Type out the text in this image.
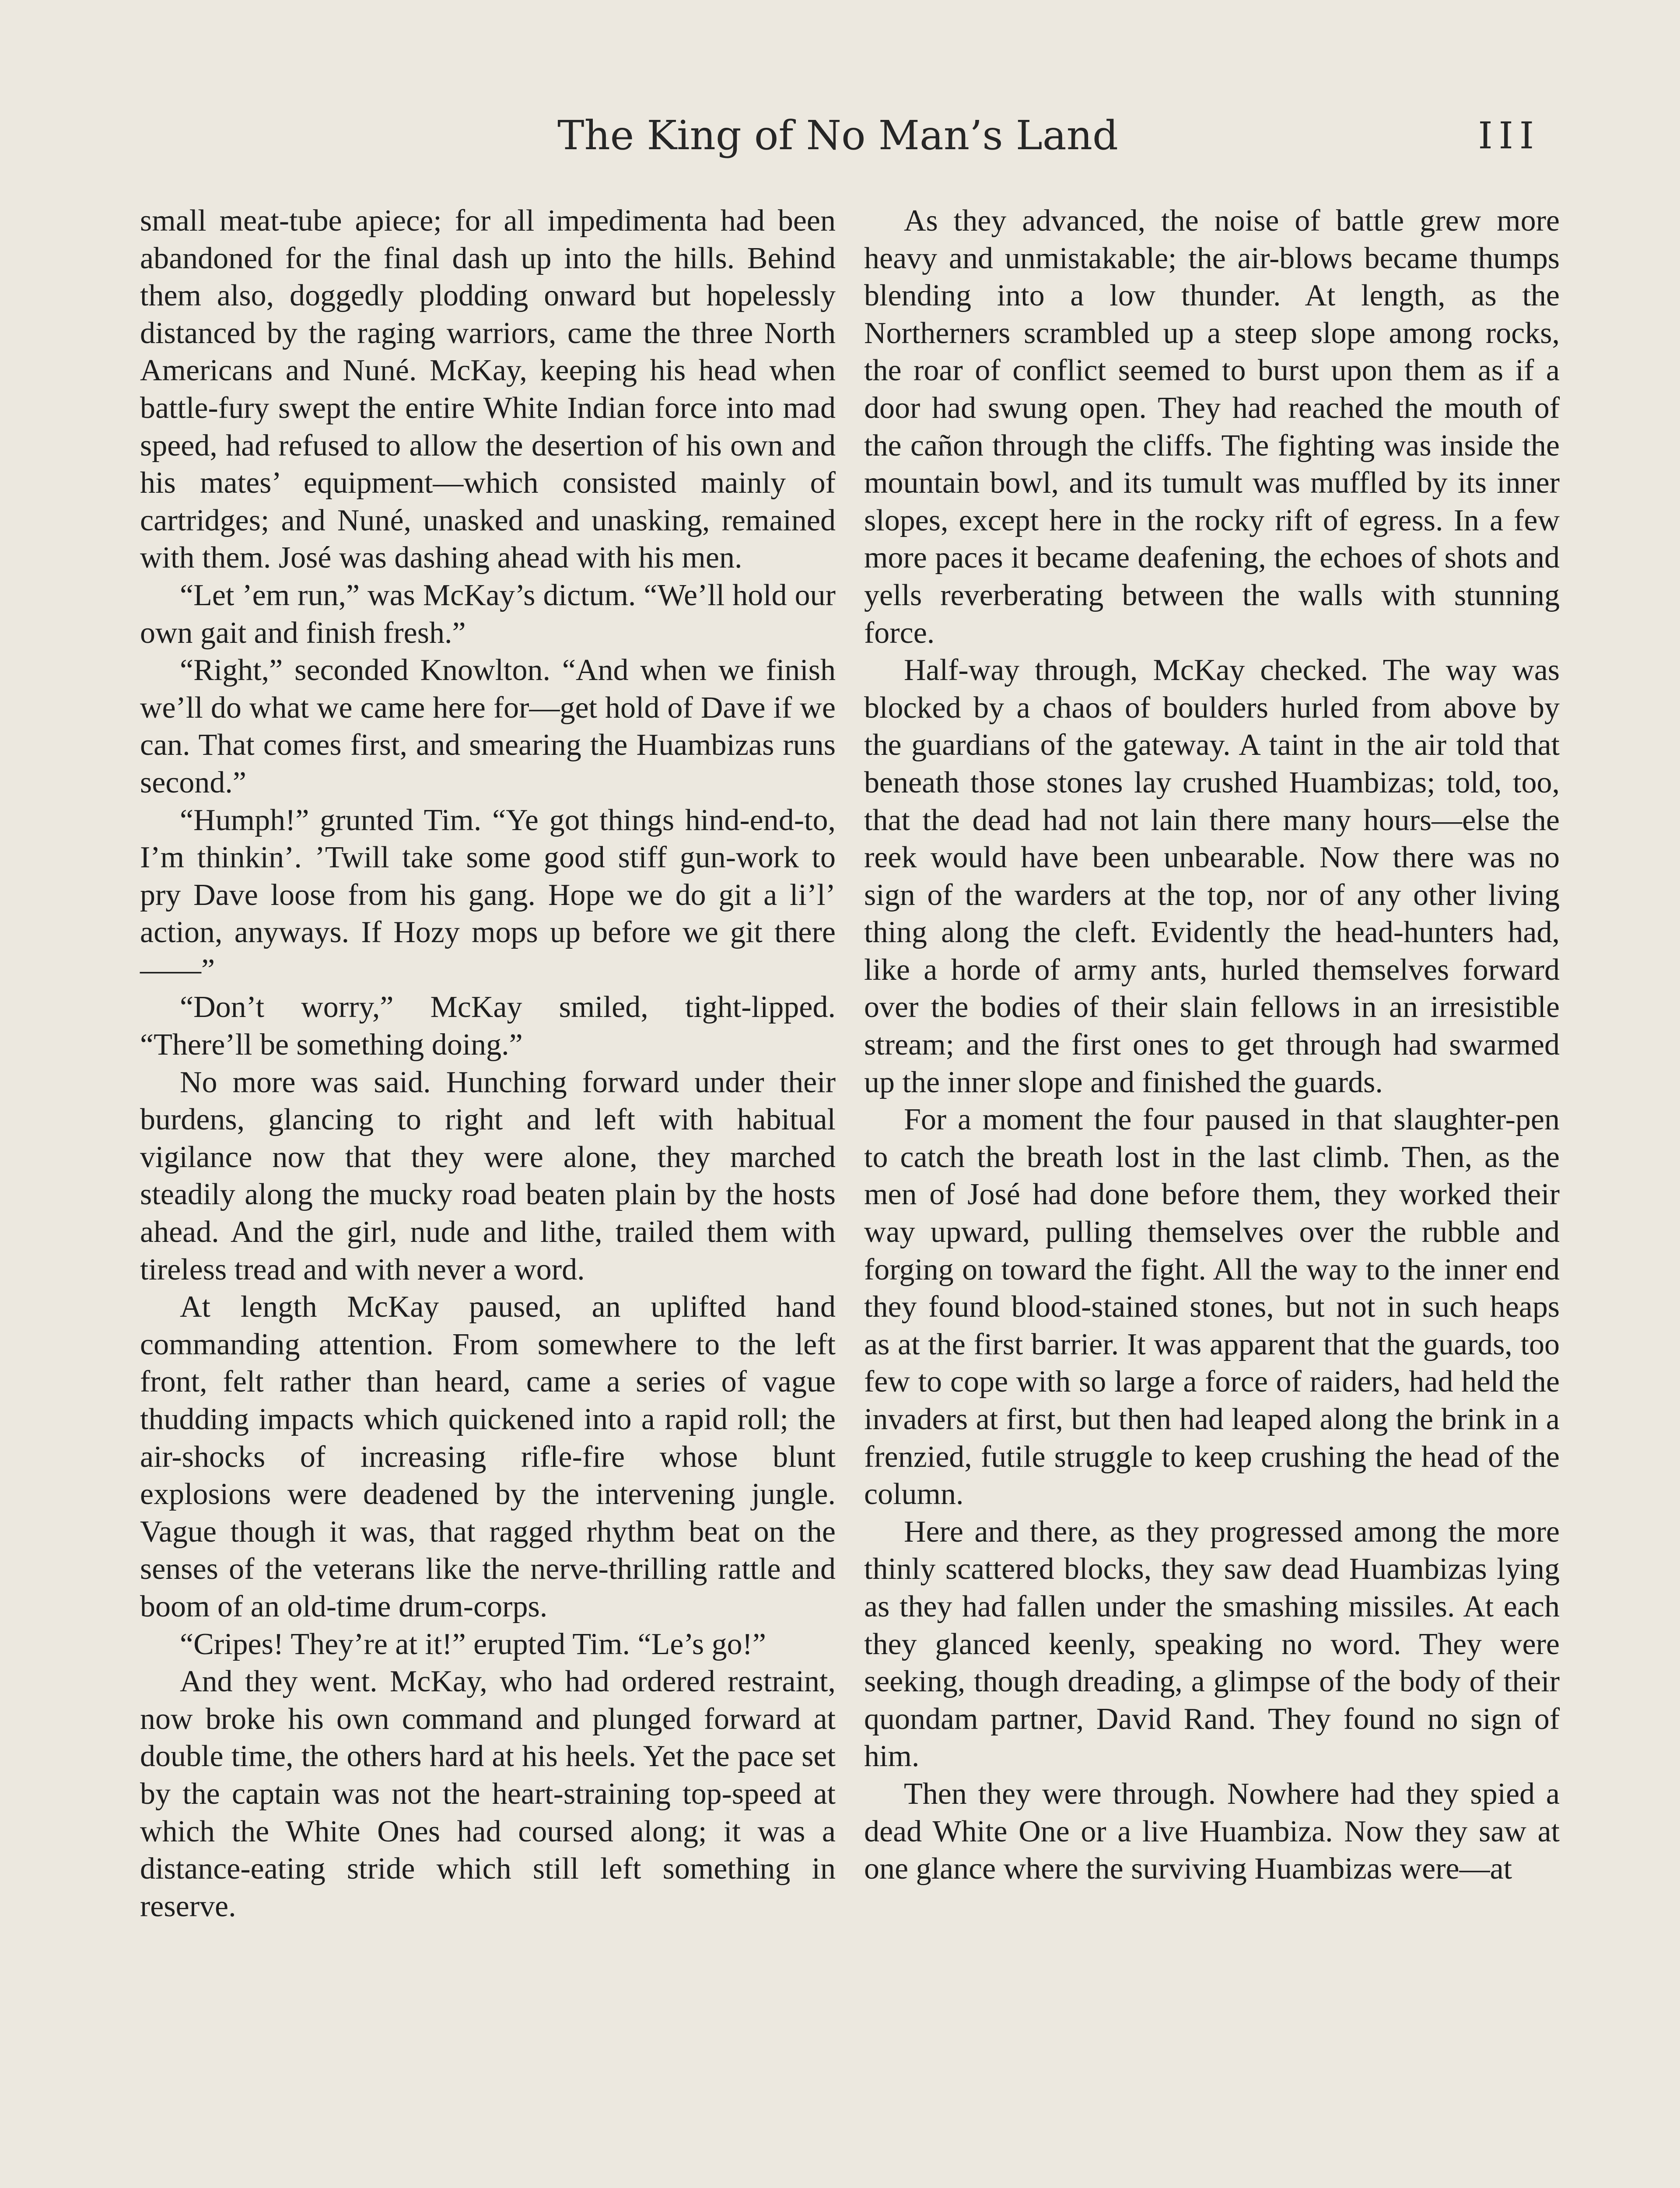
The King of No Man’s Land	III

small meat-tube apiece; for all impedimenta had been abandoned for the final dash up into the hills. Behind them also, doggedly plodding onward but hopelessly distanced by the raging warriors, came the three North Americans and Nuné. McKay, keeping his head when battle-fury swept the entire White Indian force into mad speed, had refused to allow the desertion of his own and his mates’ equipment—which consisted mainly of cartridges; and Nuné, unasked and unasking, remained with them. José was dashing ahead with his men.

“Let ’em run,” was McKay’s dictum. “We’ll hold our own gait and finish fresh.”

“Right,” seconded Knowlton. “And when we finish we’ll do what we came here for—get hold of Dave if we can. That comes first, and smearing the Huambizas runs second.”

“Humph!” grunted Tim. “Ye got things hind-end-to, I’m thinkin’. ’Twill take some good stiff gun-work to pry Dave loose from his gang. Hope we do git a li’l’ action, anyways. If Hozy mops up before we git there——”

“Don’t worry,” McKay smiled, tight-lipped. “There’ll be something doing.”

No more was said. Hunching forward under their burdens, glancing to right and left with habitual vigilance now that they were alone, they marched steadily along the mucky road beaten plain by the hosts ahead. And the girl, nude and lithe, trailed them with tireless tread and with never a word.

At length McKay paused, an uplifted hand commanding attention. From somewhere to the left front, felt rather than heard, came a series of vague thudding impacts which quickened into a rapid roll; the air-shocks of increasing rifle-fire whose blunt explosions were deadened by the intervening jungle. Vague though it was, that ragged rhythm beat on the senses of the veterans like the nerve-thrilling rattle and boom of an old-time drum-corps.

“Cripes! They’re at it!” erupted Tim. “Le’s go!”

And they went. McKay, who had ordered restraint, now broke his own command and plunged forward at double time, the others hard at his heels. Yet the pace set by the captain was not the heart-straining top-speed at which the White Ones had coursed along; it was a distance-eating stride which still left something in reserve.

As they advanced, the noise of battle grew more heavy and unmistakable; the air-blows became thumps blending into a low thunder. At length, as the Northerners scrambled up a steep slope among rocks, the roar of conflict seemed to burst upon them as if a door had swung open. They had reached the mouth of the cañon through the cliffs. The fighting was inside the mountain bowl, and its tumult was muffled by its inner slopes, except here in the rocky rift of egress. In a few more paces it became deafening, the echoes of shots and yells reverberating between the walls with stunning force.

Half-way through, McKay checked. The way was blocked by a chaos of boulders hurled from above by the guardians of the gateway. A taint in the air told that beneath those stones lay crushed Huambizas; told, too, that the dead had not lain there many hours—else the reek would have been unbearable. Now there was no sign of the warders at the top, nor of any other living thing along the cleft. Evidently the head-hunters had, like a horde of army ants, hurled themselves forward over the bodies of their slain fellows in an irresistible stream; and the first ones to get through had swarmed up the inner slope and finished the guards.

For a moment the four paused in that slaughter-pen to catch the breath lost in the last climb. Then, as the men of José had done before them, they worked their way upward, pulling themselves over the rubble and forging on toward the fight. All the way to the inner end they found blood-stained stones, but not in such heaps as at the first barrier. It was apparent that the guards, too few to cope with so large a force of raiders, had held the invaders at first, but then had leaped along the brink in a frenzied, futile struggle to keep crushing the head of the column.

Here and there, as they progressed among the more thinly scattered blocks, they saw dead Huambizas lying as they had fallen under the smashing missiles. At each they glanced keenly, speaking no word. They were seeking, though dreading, a glimpse of the body of their quondam partner, David Rand. They found no sign of him.

Then they were through. Nowhere had they spied a dead White One or a live Huambiza. Now they saw at one glance where the surviving Huambizas were—at
